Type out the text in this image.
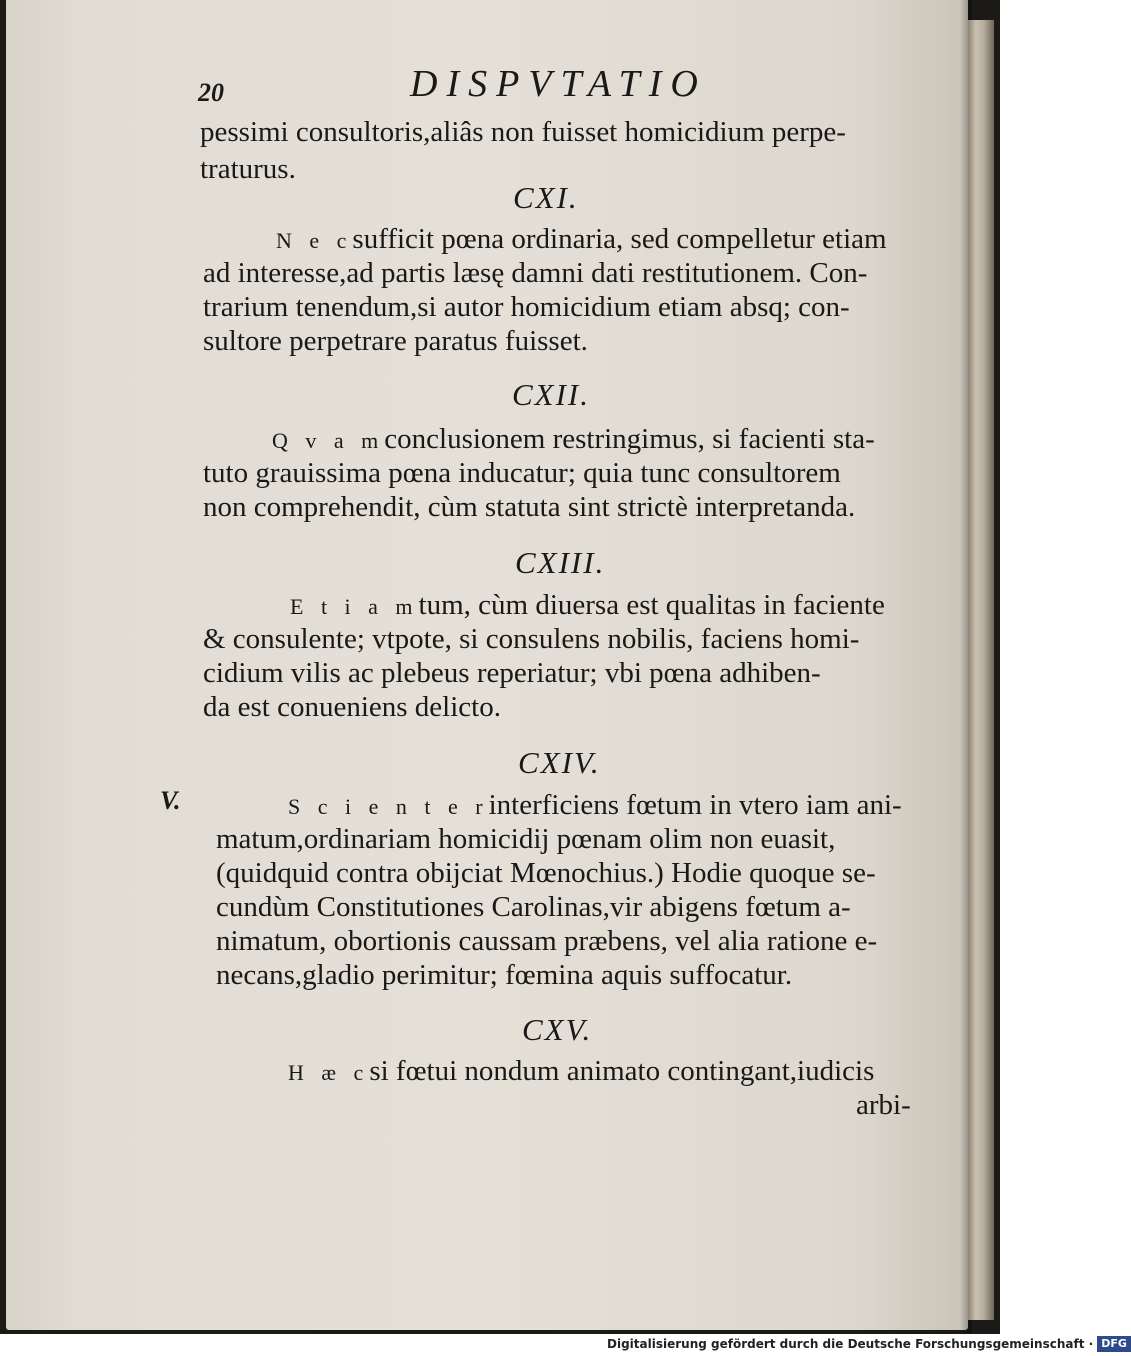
20	DISPVTATIO
pessimi consultoris,aliâs non fuisset homicidium perpe-
traturus.
CXI.
N e csufficit pœna ordinaria, sed compelletur etiam
ad interesse,ad partis læsę damni dati restitutionem. Con-
trarium tenendum,si autor homicidium etiam absq; con-
sultore perpetrare paratus fuisset.
CXII.
Q v a mconclusionem restringimus, si facienti sta-
tuto grauissima pœna inducatur; quia tunc consultorem
non comprehendit, cùm statuta sint strictè interpretanda.
CXIII.
E t i a mtum, cùm diuersa est qualitas in faciente
& consulente; vtpote, si consulens nobilis, faciens homi-
cidium vilis ac plebeus reperiatur; vbi pœna adhiben-
da est conueniens delicto.
V.
CXIV.
S c i e n t e rinterficiens fœtum in vtero iam ani-
matum,ordinariam homicidij pœnam olim non euasit,
(quidquid contra obijciat Mœnochius.) Hodie quoque se-
cundùm Constitutiones Carolinas,vir abigens fœtum a-
nimatum, obortionis caussam præbens, vel alia ratione e-
necans,gladio perimitur; fœmina aquis suffocatur.
CXV.
H æ csi fœtui nondum animato contingant,iudicis
arbi-
Digitalisierung gefördert durch die Deutsche Forschungsgemeinschaft · DFG
